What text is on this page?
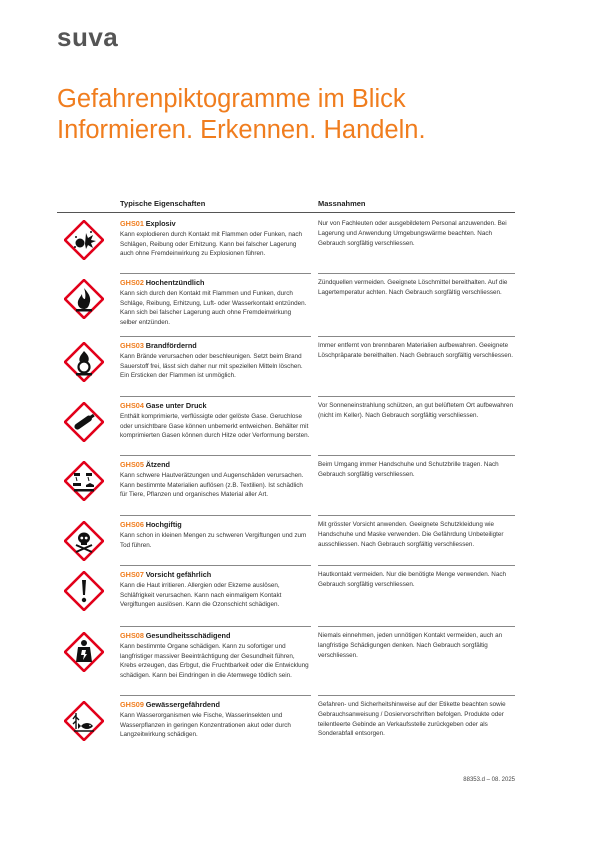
suva
Gefahrenpiktogramme im Blick
Informieren. Erkennen. Handeln.
Typische Eigenschaften	Massnahmen
GHS01 Explosiv
Kann explodieren durch Kontakt mit Flammen oder Funken, nach Schlägen, Reibung oder Erhitzung. Kann bei falscher Lagerung auch ohne Fremdeinwirkung zu Explosionen führen.
Nur von Fachleuten oder ausgebildetem Personal anzuwenden. Bei Lagerung und Anwendung Umgebungswärme beachten. Nach Gebrauch sorgfältig verschliessen.
GHS02 Hochentzündlich
Kann sich durch den Kontakt mit Flammen und Funken, durch Schläge, Reibung, Erhitzung, Luft- oder Wasserkontakt entzünden. Kann sich bei falscher Lagerung auch ohne Fremdeinwirkung selber entzünden.
Zündquellen vermeiden. Geeignete Löschmittel bereithalten. Auf die Lagertemperatur achten. Nach Gebrauch sorgfältig verschliessen.
GHS03 Brandfördernd
Kann Brände verursachen oder beschleunigen. Setzt beim Brand Sauerstoff frei, lässt sich daher nur mit speziellen Mitteln löschen. Ein Ersticken der Flammen ist unmöglich.
Immer entfernt von brennbaren Materialien aufbewahren. Geeignete Löschpräparate bereithalten. Nach Gebrauch sorgfältig verschliessen.
GHS04 Gase unter Druck
Enthält komprimierte, verflüssigte oder gelöste Gase. Geruchlose oder unsichtbare Gase können unbemerkt entweichen. Behälter mit komprimierten Gasen können durch Hitze oder Verformung bersten.
Vor Sonneneinstrahlung schützen, an gut belüftetem Ort aufbewahren (nicht im Keller). Nach Gebrauch sorgfältig verschliessen.
GHS05 Ätzend
Kann schwere Hautverätzungen und Augenschäden verursachen. Kann bestimmte Materialien auflösen (z.B. Textilien). Ist schädlich für Tiere, Pflanzen und organisches Material aller Art.
Beim Umgang immer Handschuhe und Schutzbrille tragen. Nach Gebrauch sorgfältig verschliessen.
GHS06 Hochgiftig
Kann schon in kleinen Mengen zu schweren Vergiftungen und zum Tod führen.
Mit grösster Vorsicht anwenden. Geeignete Schutzkleidung wie Handschuhe und Maske verwenden. Die Gefährdung Unbeteiligter ausschliessen. Nach Gebrauch sorgfältig verschliessen.
GHS07 Vorsicht gefährlich
Kann die Haut irritieren. Allergien oder Ekzeme auslösen, Schläfrigkeit verursachen. Kann nach einmaligem Kontakt Vergiftungen auslösen. Kann die Ozonschicht schädigen.
Hautkontakt vermeiden. Nur die benötigte Menge verwenden. Nach Gebrauch sorgfältig verschliessen.
GHS08 Gesundheitsschädigend
Kann bestimmte Organe schädigen. Kann zu sofortiger und langfristiger massiver Beeinträchtigung der Gesundheit führen, Krebs erzeugen, das Erbgut, die Fruchtbarkeit oder die Entwicklung schädigen. Kann bei Eindringen in die Atemwege tödlich sein.
Niemals einnehmen, jeden unnötigen Kontakt vermeiden, auch an langfristige Schädigungen denken. Nach Gebrauch sorgfältig verschliessen.
GHS09 Gewässergefährdend
Kann Wasserorganismen wie Fische, Wasserinsekten und Wasserpflanzen in geringen Konzentrationen akut oder durch Langzeitwirkung schädigen.
Gefahren- und Sicherheitshinweise auf der Etikette beachten sowie Gebrauchsanweisung / Dosiervorschriften befolgen. Produkte oder teilentleerte Gebinde an Verkaufsstelle zurückgeben oder als Sonderabfall entsorgen.
88353.d – 08. 2025
